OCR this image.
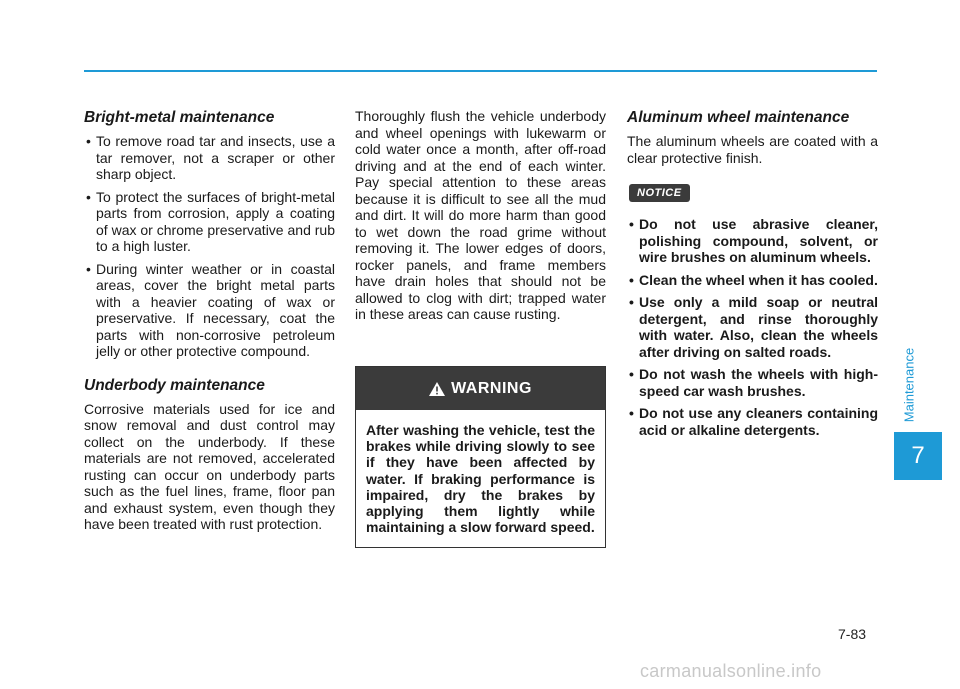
Bright-metal maintenance
• To remove road tar and insects, use a tar remover, not a scraper or other sharp object.
• To protect the surfaces of bright-metal parts from corrosion, apply a coating of wax or chrome preservative and rub to a high luster.
• During winter weather or in coastal areas, cover the bright metal parts with a heavier coating of wax or preservative. If necessary, coat the parts with non-corrosive petroleum jelly or other protective compound.
Underbody maintenance

Corrosive materials used for ice and snow removal and dust control may collect on the underbody. If these materials are not removed, accelerated rusting can occur on underbody parts such as the fuel lines, frame, floor pan and exhaust system, even though they have been treated with rust protection.

Thoroughly flush the vehicle underbody and wheel openings with lukewarm or cold water once a month, after off-road driving and at the end of each winter. Pay special attention to these areas because it is difficult to see all the mud and dirt. It will do more harm than good to wet down the road grime without removing it. The lower edges of doors, rocker panels, and frame members have drain holes that should not be allowed to clog with dirt; trapped water in these areas can cause rusting.

WARNING
After washing the vehicle, test the brakes while driving slowly to see if they have been affected by water. If braking performance is impaired, dry the brakes by applying them lightly while maintaining a slow forward speed.
Aluminum wheel maintenance

The aluminum wheels are coated with a clear protective finish.

NOTICE
• Do not use abrasive cleaner, polishing compound, solvent, or wire brushes on aluminum wheels.
• Clean the wheel when it has cooled.
• Use only a mild soap or neutral detergent, and rinse thoroughly with water. Also, clean the wheels after driving on salted roads.
• Do not wash the wheels with high-speed car wash brushes.
• Do not use any cleaners containing acid or alkaline detergents.
Maintenance
7
7-83
carmanualsonline.info
